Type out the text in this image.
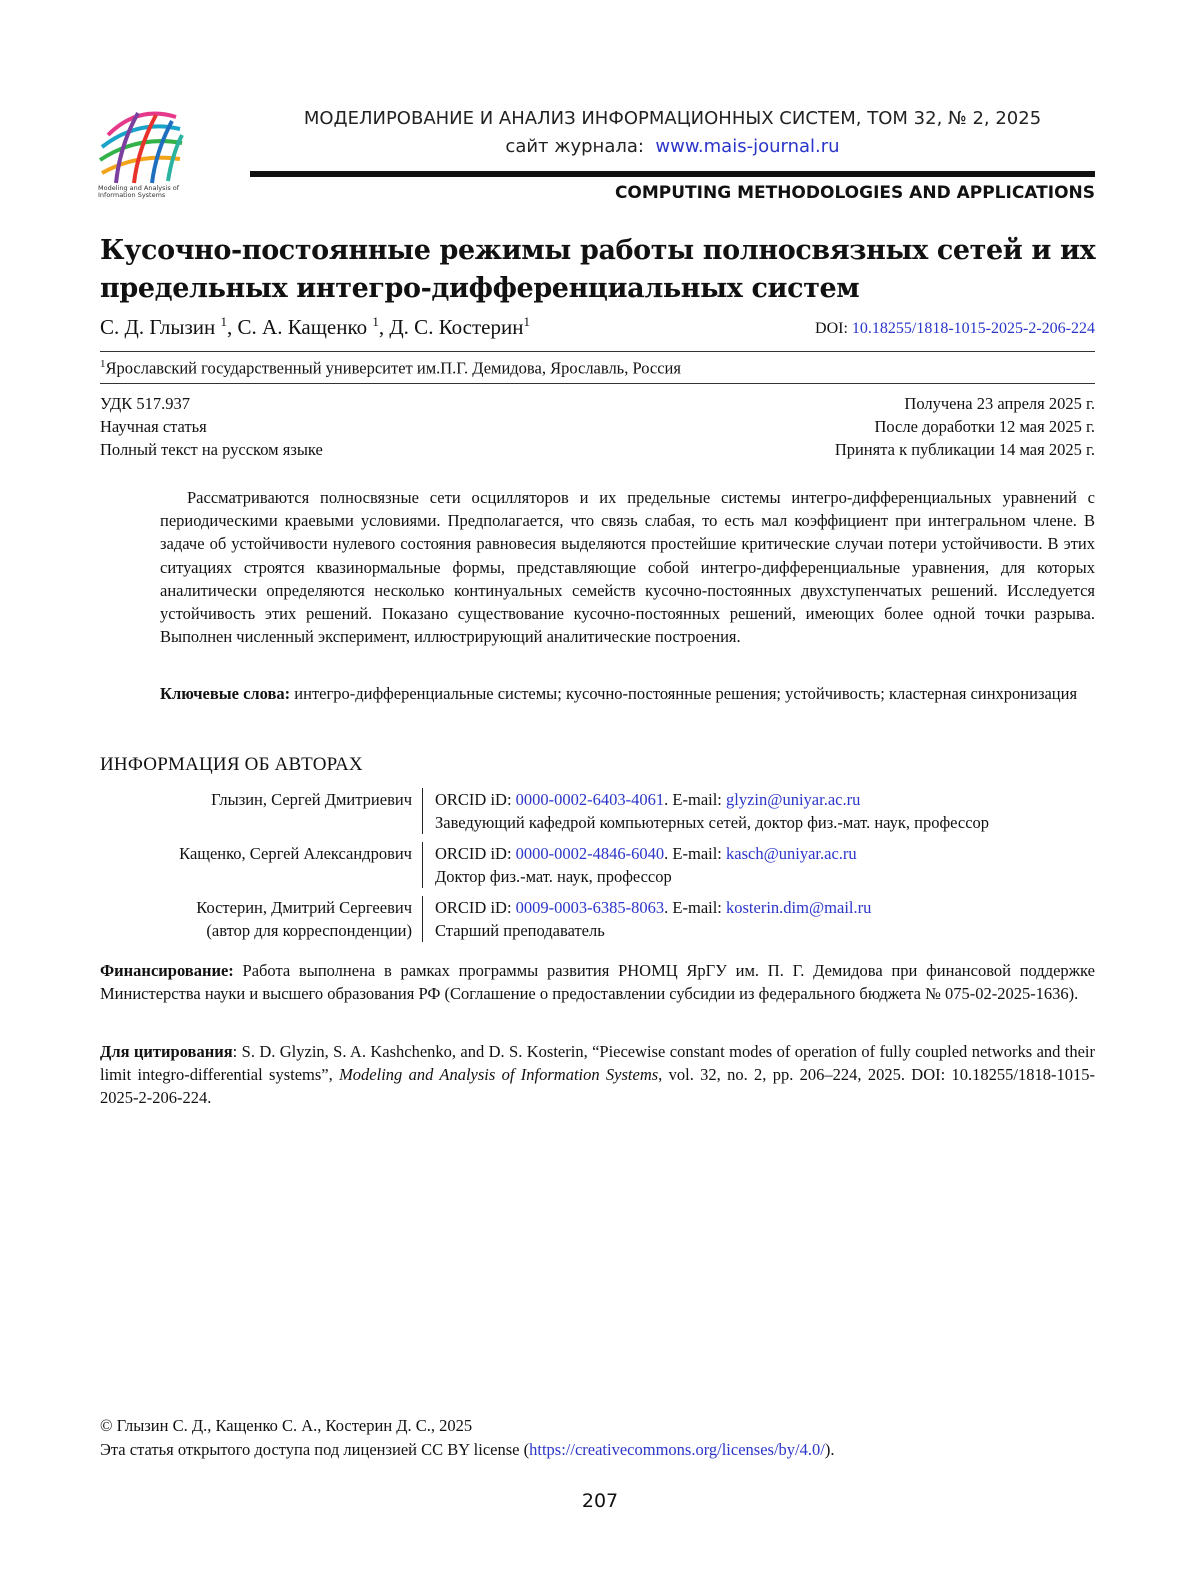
Modeling and Analysis of Information Systems
МОДЕЛИРОВАНИЕ И АНАЛИЗ ИНФОРМАЦИОННЫХ СИСТЕМ, ТОМ 32, № 2, 2025
сайт журнала: www.mais-journal.ru
COMPUTING METHODOLOGIES AND APPLICATIONS
Кусочно-постоянные режимы работы полносвязных сетей и их
предельных интегро-дифференциальных систем
С. Д. Глызин $^1$, С. А. Кащенко $^1$, Д. С. Костерин$^1$	DOI: 10.18255/1818-1015-2025-2-206-224
$^1$Ярославский государственный университет им.П.Г. Демидова, Ярославль, Россия
УДК 517.937
Научная статья
Полный текст на русском языке
Получена 23 апреля 2025 г.
После доработки 12 мая 2025 г.
Принята к публикации 14 мая 2025 г.

Рассматриваются полносвязные сети осцилляторов и их предельные системы интегро-дифференциальных уравнений с периодическими краевыми условиями. Предполагается, что связь слабая, то есть мал коэффициент при интегральном члене. В задаче об устойчивости нулевого состояния равновесия выделяются простейшие критические случаи потери устойчивости. В этих ситуациях строятся квазинормальные формы, представляющие собой интегро-дифференциальные уравнения, для которых аналитически определяются несколько континуальных семейств кусочно-постоянных двухступенчатых решений. Исследуется устойчивость этих решений. Показано существование кусочно-постоянных решений, имеющих более одной точки разрыва. Выполнен численный эксперимент, иллюстрирующий аналитические построения.

Ключевые слова: интегро-дифференциальные системы; кусочно-постоянные решения; устойчивость; кластерная синхронизация

ИНФОРМАЦИЯ ОБ АВТОРАХ
Глызин, Сергей Дмитриевич ORCID iD: 0000-0002-6403-4061. E-mail: glyzin@uniyar.ac.ru
Заведующий кафедрой компьютерных сетей, доктор физ.-мат. наук, профессор
Кащенко, Сергей Александрович ORCID iD: 0000-0002-4846-6040. E-mail: kasch@uniyar.ac.ru
Доктор физ.-мат. наук, профессор
Костерин, Дмитрий Сергеевич
(автор для корреспонденции)
ORCID iD: 0009-0003-6385-8063. E-mail: kosterin.dim@mail.ru
Старший преподаватель

Финансирование: Работа выполнена в рамках программы развития РНОМЦ ЯрГУ им. П. Г. Демидова при финансовой поддержке Министерства науки и высшего образования РФ (Соглашение о предоставлении субсидии из федерального бюджета № 075-02-2025-1636).

Для цитирования: S. D. Glyzin, S. A. Kashchenko, and D. S. Kosterin, “Piecewise constant modes of operation of fully coupled networks and their limit integro-differential systems”, Modeling and Analysis of Information Systems, vol. 32, no. 2, pp. 206–224, 2025. DOI: 10.18255/1818-1015-2025-2-206-224.

© Глызин С. Д., Кащенко С. А., Костерин Д. С., 2025
Эта статья открытого доступа под лицензией CC BY license (https://creativecommons.org/licenses/by/4.0/).
207
